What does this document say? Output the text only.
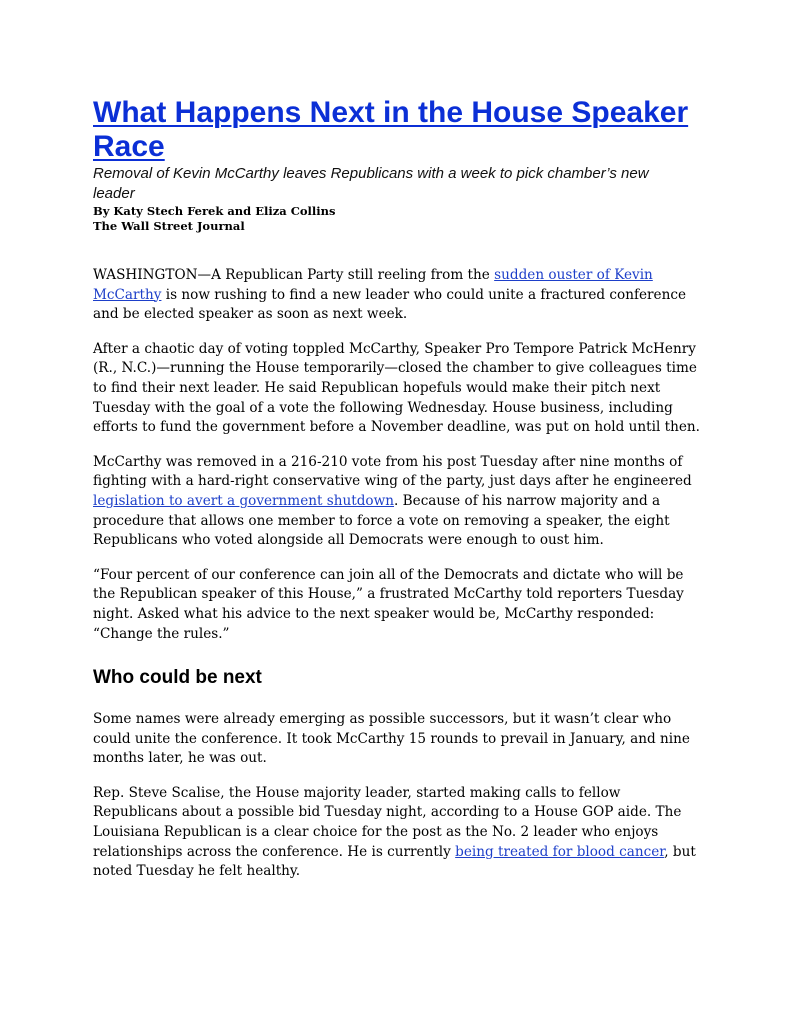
What Happens Next in the House Speaker Race

Removal of Kevin McCarthy leaves Republicans with a week to pick chamber’s new leader

By Katy Stech Ferek and Eliza Collins

The Wall Street Journal

WASHINGTON—A Republican Party still reeling from the sudden ouster of Kevin McCarthy is now rushing to find a new leader who could unite a fractured conference and be elected speaker as soon as next week.

After a chaotic day of voting toppled McCarthy, Speaker Pro Tempore Patrick McHenry (R., N.C.)—running the House temporarily—closed the chamber to give colleagues time to find their next leader. He said Republican hopefuls would make their pitch next Tuesday with the goal of a vote the following Wednesday. House business, including efforts to fund the government before a November deadline, was put on hold until then.

McCarthy was removed in a 216-210 vote from his post Tuesday after nine months of fighting with a hard-right conservative wing of the party, just days after he engineered legislation to avert a government shutdown. Because of his narrow majority and a procedure that allows one member to force a vote on removing a speaker, the eight Republicans who voted alongside all Democrats were enough to oust him.

“Four percent of our conference can join all of the Democrats and dictate who will be the Republican speaker of this House,” a frustrated McCarthy told reporters Tuesday night. Asked what his advice to the next speaker would be, McCarthy responded: “Change the rules.”

Who could be next

Some names were already emerging as possible successors, but it wasn’t clear who could unite the conference. It took McCarthy 15 rounds to prevail in January, and nine months later, he was out.

Rep. Steve Scalise, the House majority leader, started making calls to fellow Republicans about a possible bid Tuesday night, according to a House GOP aide. The Louisiana Republican is a clear choice for the post as the No. 2 leader who enjoys relationships across the conference. He is currently being treated for blood cancer, but noted Tuesday he felt healthy.
